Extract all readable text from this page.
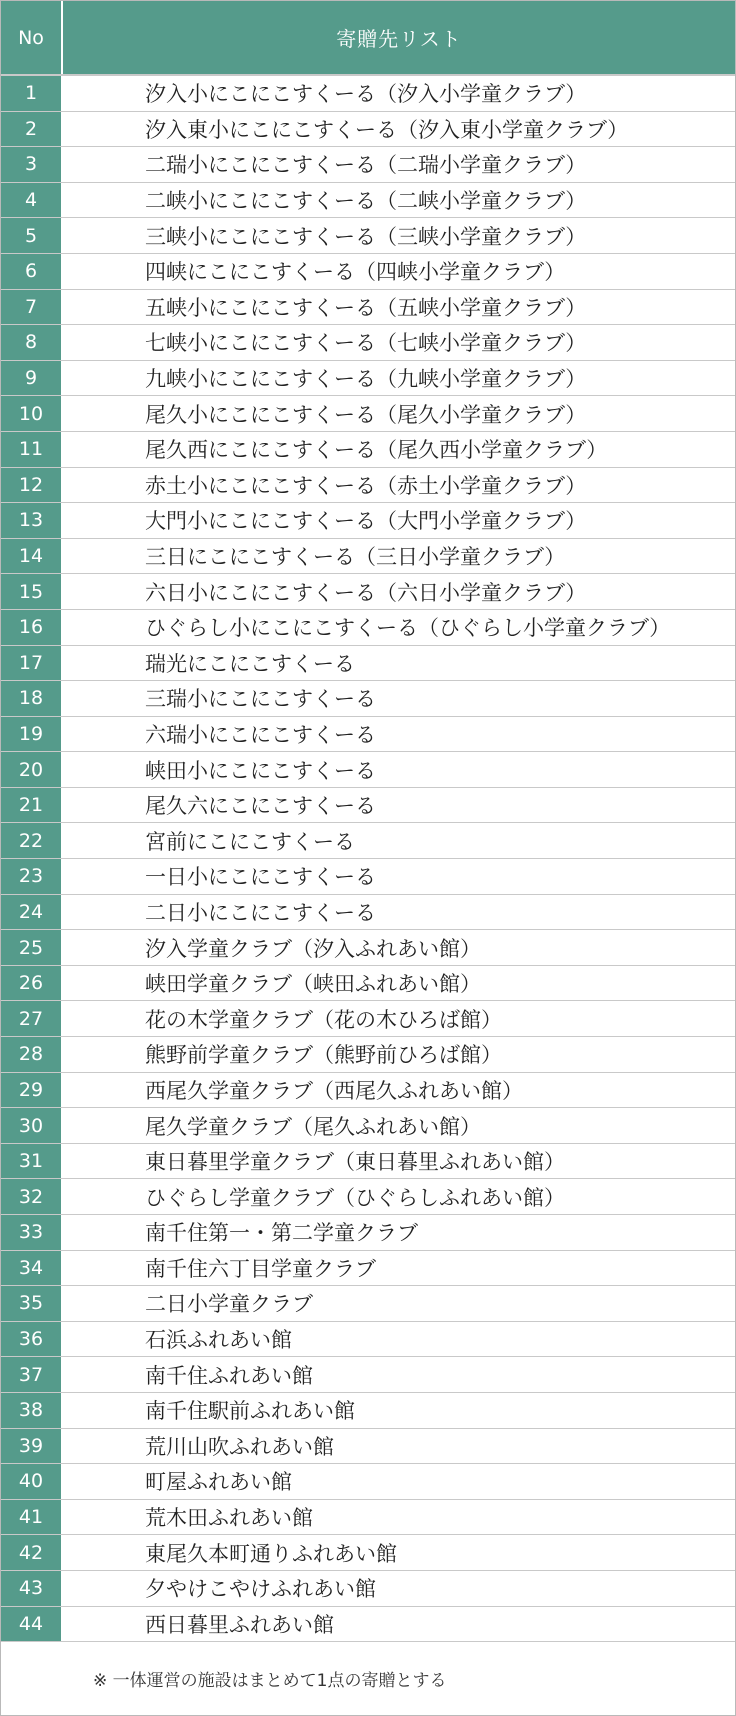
No	寄贈先リスト
1	汐入小にこにこすくーる（汐入小学童クラブ）
2	汐入東小にこにこすくーる（汐入東小学童クラブ）
3	二瑞小にこにこすくーる（二瑞小学童クラブ）
4	二峡小にこにこすくーる（二峡小学童クラブ）
5	三峡小にこにこすくーる（三峡小学童クラブ）
6	四峡にこにこすくーる（四峡小学童クラブ）
7	五峡小にこにこすくーる（五峡小学童クラブ）
8	七峡小にこにこすくーる（七峡小学童クラブ）
9	九峡小にこにこすくーる（九峡小学童クラブ）
10	尾久小にこにこすくーる（尾久小学童クラブ）
11	尾久西にこにこすくーる（尾久西小学童クラブ）
12	赤土小にこにこすくーる（赤土小学童クラブ）
13	大門小にこにこすくーる（大門小学童クラブ）
14	三日にこにこすくーる（三日小学童クラブ）
15	六日小にこにこすくーる（六日小学童クラブ）
16	ひぐらし小にこにこすくーる（ひぐらし小学童クラブ）
17	瑞光にこにこすくーる
18	三瑞小にこにこすくーる
19	六瑞小にこにこすくーる
20	峡田小にこにこすくーる
21	尾久六にこにこすくーる
22	宮前にこにこすくーる
23	一日小にこにこすくーる
24	二日小にこにこすくーる
25	汐入学童クラブ（汐入ふれあい館）
26	峡田学童クラブ（峡田ふれあい館）
27	花の木学童クラブ（花の木ひろば館）
28	熊野前学童クラブ（熊野前ひろば館）
29	西尾久学童クラブ（西尾久ふれあい館）
30	尾久学童クラブ（尾久ふれあい館）
31	東日暮里学童クラブ（東日暮里ふれあい館）
32	ひぐらし学童クラブ（ひぐらしふれあい館）
33	南千住第一・第二学童クラブ
34	南千住六丁目学童クラブ
35	二日小学童クラブ
36	石浜ふれあい館
37	南千住ふれあい館
38	南千住駅前ふれあい館
39	荒川山吹ふれあい館
40	町屋ふれあい館
41	荒木田ふれあい館
42	東尾久本町通りふれあい館
43	夕やけこやけふれあい館
44	西日暮里ふれあい館
※ 一体運営の施設はまとめて1点の寄贈とする
